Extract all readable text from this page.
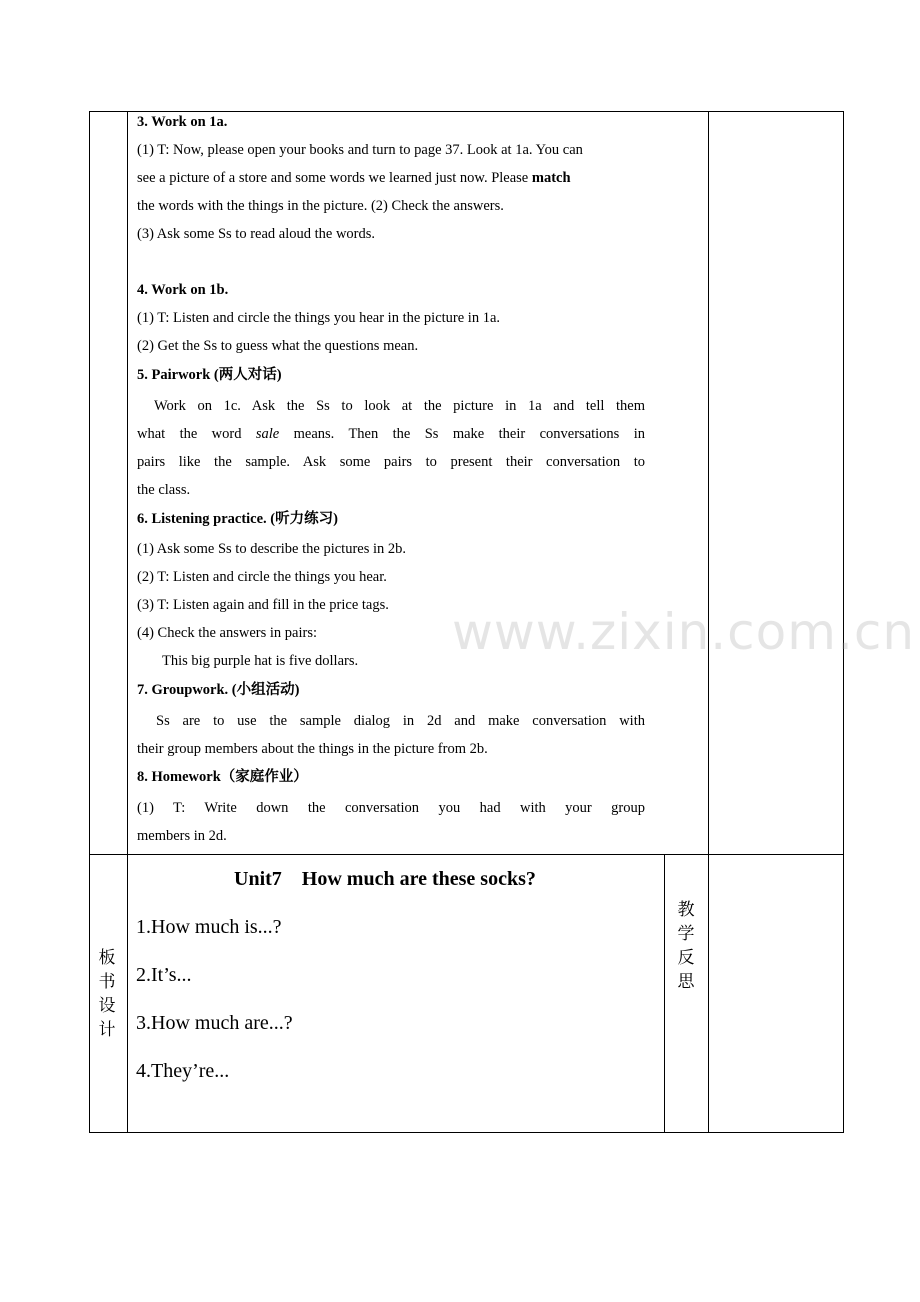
3. Work on 1a.
(1) T: Now, please open your books and turn to page 37. Look at 1a. You can
see a picture of a store and some words we learned just now. Please match
the words with the things in the picture. (2) Check the answers.
(3) Ask some Ss to read aloud the words.
4. Work on 1b.
(1) T: Listen and circle the things you hear in the picture in 1a.
(2) Get the Ss to guess what the questions mean.
5. Pairwork (两人对话)
Work on 1c. Ask the Ss to look at the picture in 1a and tell them
what the word sale means. Then the Ss make their conversations in
pairs like the sample. Ask some pairs to present their conversation to
the class.
6. Listening practice. (听力练习)
(1) Ask some Ss to describe the pictures in 2b.
(2) T: Listen and circle the things you hear.
(3) T: Listen again and fill in the price tags.
(4) Check the answers in pairs:
This big purple hat is five dollars.
7. Groupwork. (小组活动)
Ss are to use the sample dialog in 2d and make conversation with
their group members about the things in the picture from 2b.
8. Homework（家庭作业）
(1) T: Write down the conversation you had with your group
members in 2d.
板
书
设
计
Unit7    How much are these socks?
1.How much is...?
2.It’s...
3.How much are...?
4.They’re...
教
学
反
思
www.zixin.com.cn
